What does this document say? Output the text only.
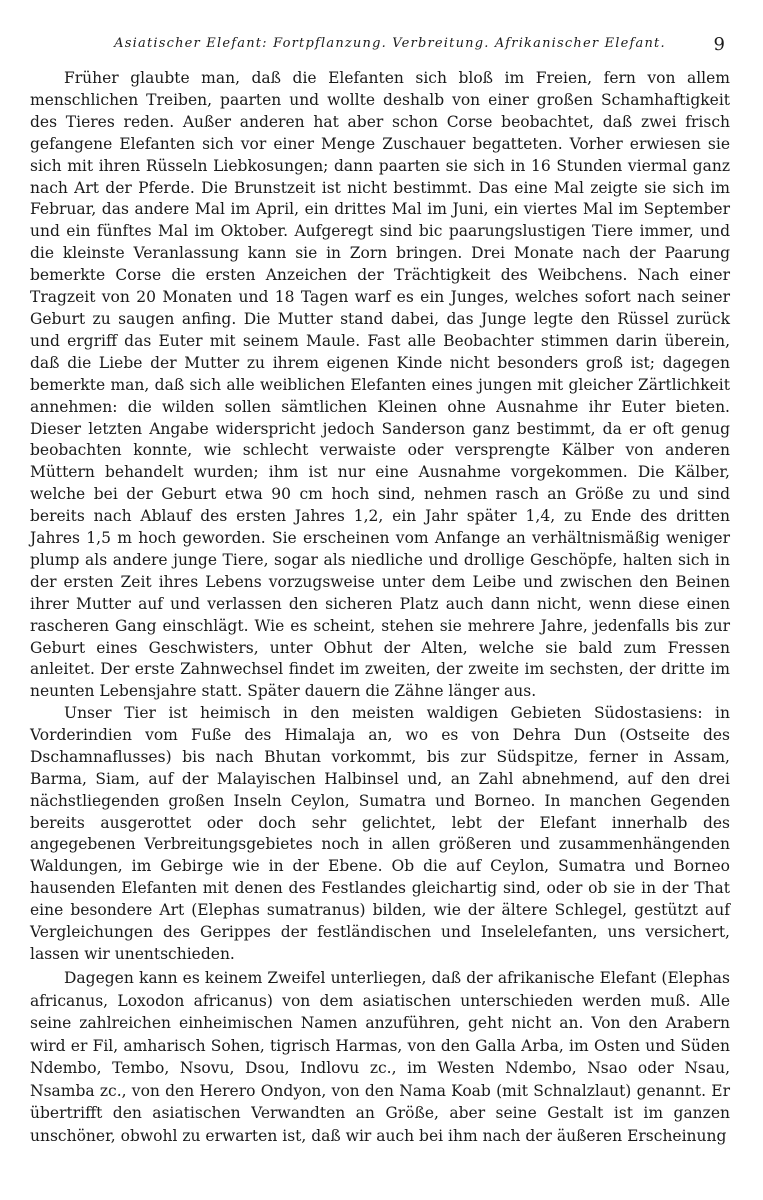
Asiatischer Elefant: Fortpflanzung. Verbreitung. Afrikanischer Elefant.	9

Früher glaubte man, daß die Elefanten sich bloß im Freien, fern von allem menschlichen Treiben, paarten und wollte deshalb von einer großen Schamhaftigkeit des Tieres reden. Außer anderen hat aber schon Corse beobachtet, daß zwei frisch gefangene Elefanten sich vor einer Menge Zuschauer begatteten. Vorher erwiesen sie sich mit ihren Rüsseln Liebkosungen; dann paarten sie sich in 16 Stunden viermal ganz nach Art der Pferde. Die Brunstzeit ist nicht bestimmt. Das eine Mal zeigte sie sich im Februar, das andere Mal im April, ein drittes Mal im Juni, ein viertes Mal im September und ein fünftes Mal im Oktober. Aufgeregt sind bic paarungslustigen Tiere immer, und die kleinste Veranlassung kann sie in Zorn bringen. Drei Monate nach der Paarung bemerkte Corse die ersten Anzeichen der Trächtigkeit des Weibchens. Nach einer Tragzeit von 20 Monaten und 18 Tagen warf es ein Junges, welches sofort nach seiner Geburt zu saugen anfing. Die Mutter stand dabei, das Junge legte den Rüssel zurück und ergriff das Euter mit seinem Maule. Fast alle Beobachter stimmen darin überein, daß die Liebe der Mutter zu ihrem eigenen Kinde nicht besonders groß ist; dagegen bemerkte man, daß sich alle weiblichen Elefanten eines jungen mit gleicher Zärtlichkeit annehmen: die wilden sollen sämtlichen Kleinen ohne Ausnahme ihr Euter bieten. Dieser letzten Angabe widerspricht jedoch Sanderson ganz bestimmt, da er oft genug beobachten konnte, wie schlecht verwaiste oder versprengte Kälber von anderen Müttern behandelt wurden; ihm ist nur eine Ausnahme vorgekommen. Die Kälber, welche bei der Geburt etwa 90 cm hoch sind, nehmen rasch an Größe zu und sind bereits nach Ablauf des ersten Jahres 1,2, ein Jahr später 1,4, zu Ende des dritten Jahres 1,5 m hoch geworden. Sie erscheinen vom Anfange an verhältnismäßig weniger plump als andere junge Tiere, sogar als niedliche und drollige Geschöpfe, halten sich in der ersten Zeit ihres Lebens vorzugsweise unter dem Leibe und zwischen den Beinen ihrer Mutter auf und verlassen den sicheren Platz auch dann nicht, wenn diese einen rascheren Gang einschlägt. Wie es scheint, stehen sie mehrere Jahre, jedenfalls bis zur Geburt eines Geschwisters, unter Obhut der Alten, welche sie bald zum Fressen anleitet. Der erste Zahnwechsel findet im zweiten, der zweite im sechsten, der dritte im neunten Lebensjahre statt. Später dauern die Zähne länger aus.

Unser Tier ist heimisch in den meisten waldigen Gebieten Südostasiens: in Vorderindien vom Fuße des Himalaja an, wo es von Dehra Dun (Ostseite des Dschamnaflusses) bis nach Bhutan vorkommt, bis zur Südspitze, ferner in Assam, Barma, Siam, auf der Malayischen Halbinsel und, an Zahl abnehmend, auf den drei nächstliegenden großen Inseln Ceylon, Sumatra und Borneo. In manchen Gegenden bereits ausgerottet oder doch sehr gelichtet, lebt der Elefant innerhalb des angegebenen Verbreitungsgebietes noch in allen größeren und zusammenhängenden Waldungen, im Gebirge wie in der Ebene. Ob die auf Ceylon, Sumatra und Borneo hausenden Elefanten mit denen des Festlandes gleichartig sind, oder ob sie in der That eine besondere Art (Elephas sumatranus) bilden, wie der ältere Schlegel, gestützt auf Vergleichungen des Gerippes der festländischen und Inselelefanten, uns versichert, lassen wir unentschieden.

Dagegen kann es keinem Zweifel unterliegen, daß der afrikanische Elefant (Elephas africanus, Loxodon africanus) von dem asiatischen unterschieden werden muß. Alle seine zahlreichen einheimischen Namen anzuführen, geht nicht an. Von den Arabern wird er Fil, amharisch Sohen, tigrisch Harmas, von den Galla Arba, im Osten und Süden Ndembo, Tembo, Nsovu, Dsou, Indlovu zc., im Westen Ndembo, Nsao oder Nsau, Nsamba zc., von den Herero Ondyon, von den Nama Koab (mit Schnalzlaut) genannt. Er übertrifft den asiatischen Verwandten an Größe, aber seine Gestalt ist im ganzen unschöner, obwohl zu erwarten ist, daß wir auch bei ihm nach der äußeren Erscheinung
